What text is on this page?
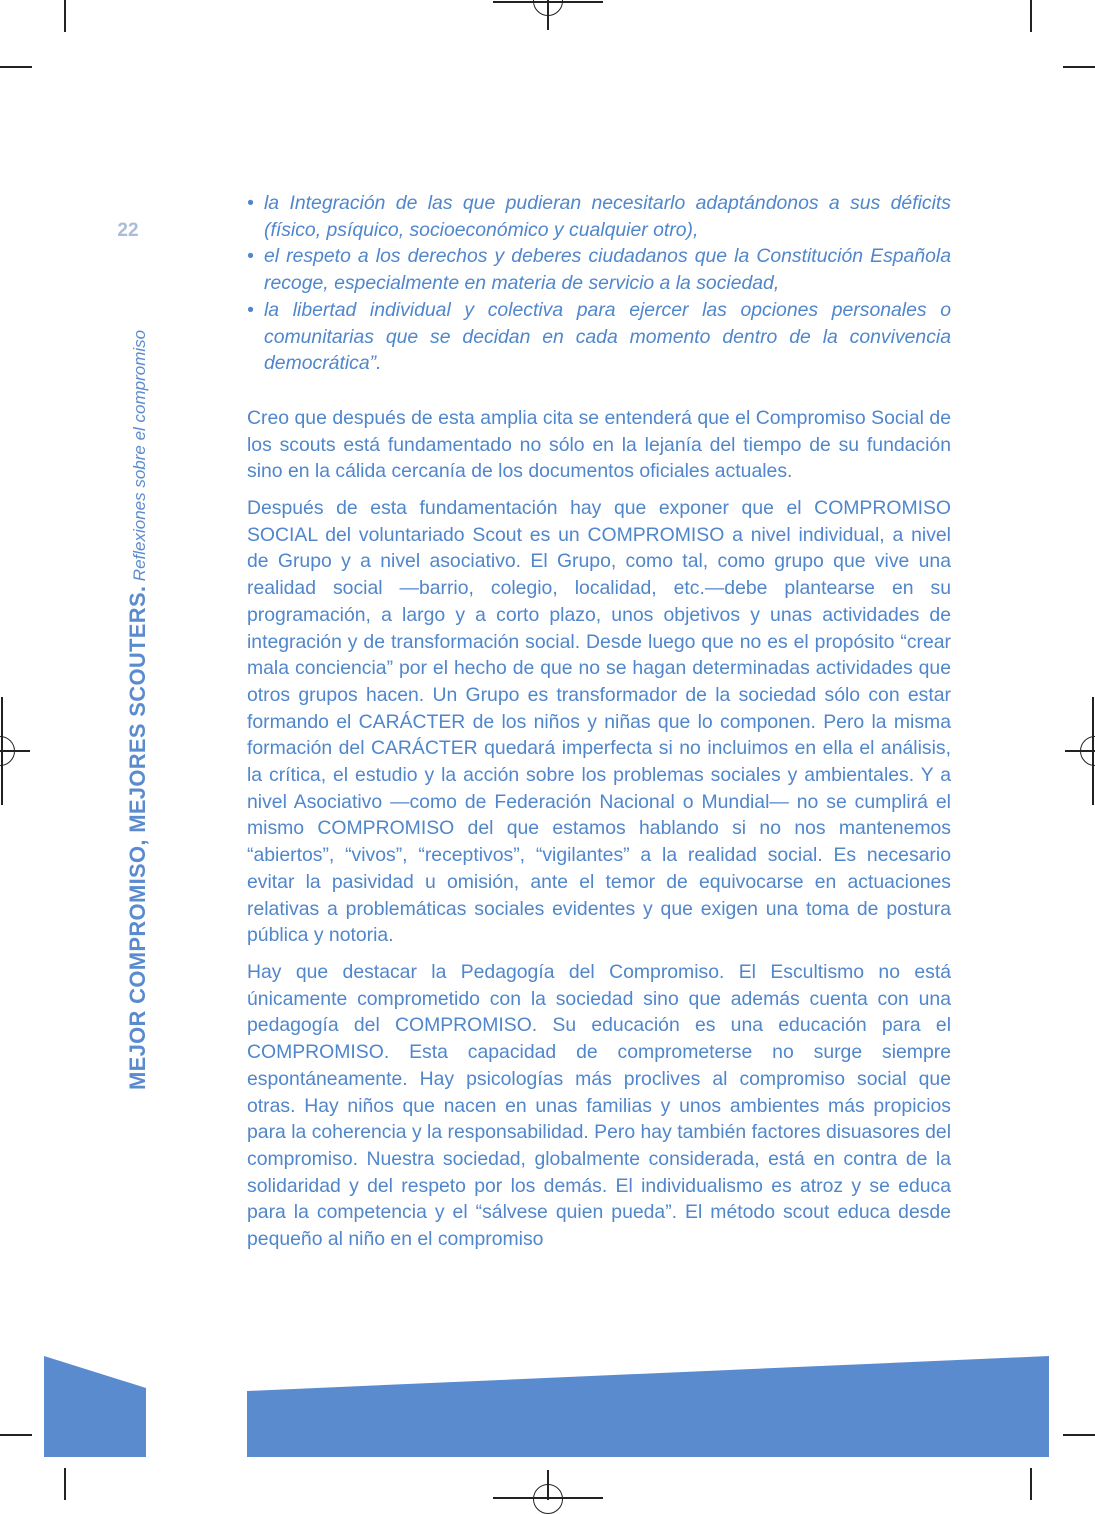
22
MEJOR COMPROMISO, MEJORES SCOUTERS. Reflexiones sobre el compromiso
• la Integración de las que pudieran necesitarlo adaptándonos a sus déficits (físico, psíquico, socioeconómico y cualquier otro),
• el respeto a los derechos y deberes ciudadanos que la Constitución Española recoge, especialmente en materia de servicio a la sociedad,
• la libertad individual y colectiva para ejercer las opciones personales o comunitarias que se decidan en cada momento dentro de la convivencia democrática”.

Creo que después de esta amplia cita se entenderá que el Compromiso Social de los scouts está fundamentado no sólo en la lejanía del tiempo de su fundación sino en la cálida cercanía de los documentos oficiales actuales.

Después de esta fundamentación hay que exponer que el COMPROMISO SOCIAL del voluntariado Scout es un COMPROMISO a nivel individual, a nivel de Grupo y a nivel asociativo. El Grupo, como tal, como grupo que vive una realidad social —barrio, colegio, localidad, etc.—debe plantearse en su programación, a largo y a corto plazo, unos objetivos y unas actividades de integración y de transformación social. Desde luego que no es el propósito “crear mala conciencia” por el hecho de que no se hagan determinadas actividades que otros grupos hacen. Un Grupo es transformador de la sociedad sólo con estar formando el CARÁCTER de los niños y niñas que lo componen. Pero la misma formación del CARÁCTER quedará imperfecta si no incluimos en ella el análisis, la crítica, el estudio y la acción sobre los problemas sociales y ambientales. Y a nivel Asociativo —como de Federación Nacional o Mundial— no se cumplirá el mismo COMPROMISO del que estamos hablando si no nos mantenemos “abiertos”, “vivos”, “receptivos”, “vigilantes” a la realidad social. Es necesario evitar la pasividad u omisión, ante el temor de equivocarse en actuaciones relativas a problemáticas sociales evidentes y que exigen una toma de postura pública y notoria.

Hay que destacar la Pedagogía del Compromiso. El Escultismo no está únicamente comprometido con la sociedad sino que además cuenta con una pedagogía del COMPROMISO. Su educación es una educación para el COMPROMISO. Esta capacidad de comprometerse no surge siempre espontáneamente. Hay psicologías más proclives al compromiso social que otras. Hay niños que nacen en unas familias y unos ambientes más propicios para la coherencia y la responsabilidad. Pero hay también factores disuasores del compromiso. Nuestra sociedad, globalmente considerada, está en contra de la solidaridad y del respeto por los demás. El individualismo es atroz y se educa para la competencia y el “sálvese quien pueda”. El método scout educa desde pequeño al niño en el compromiso
